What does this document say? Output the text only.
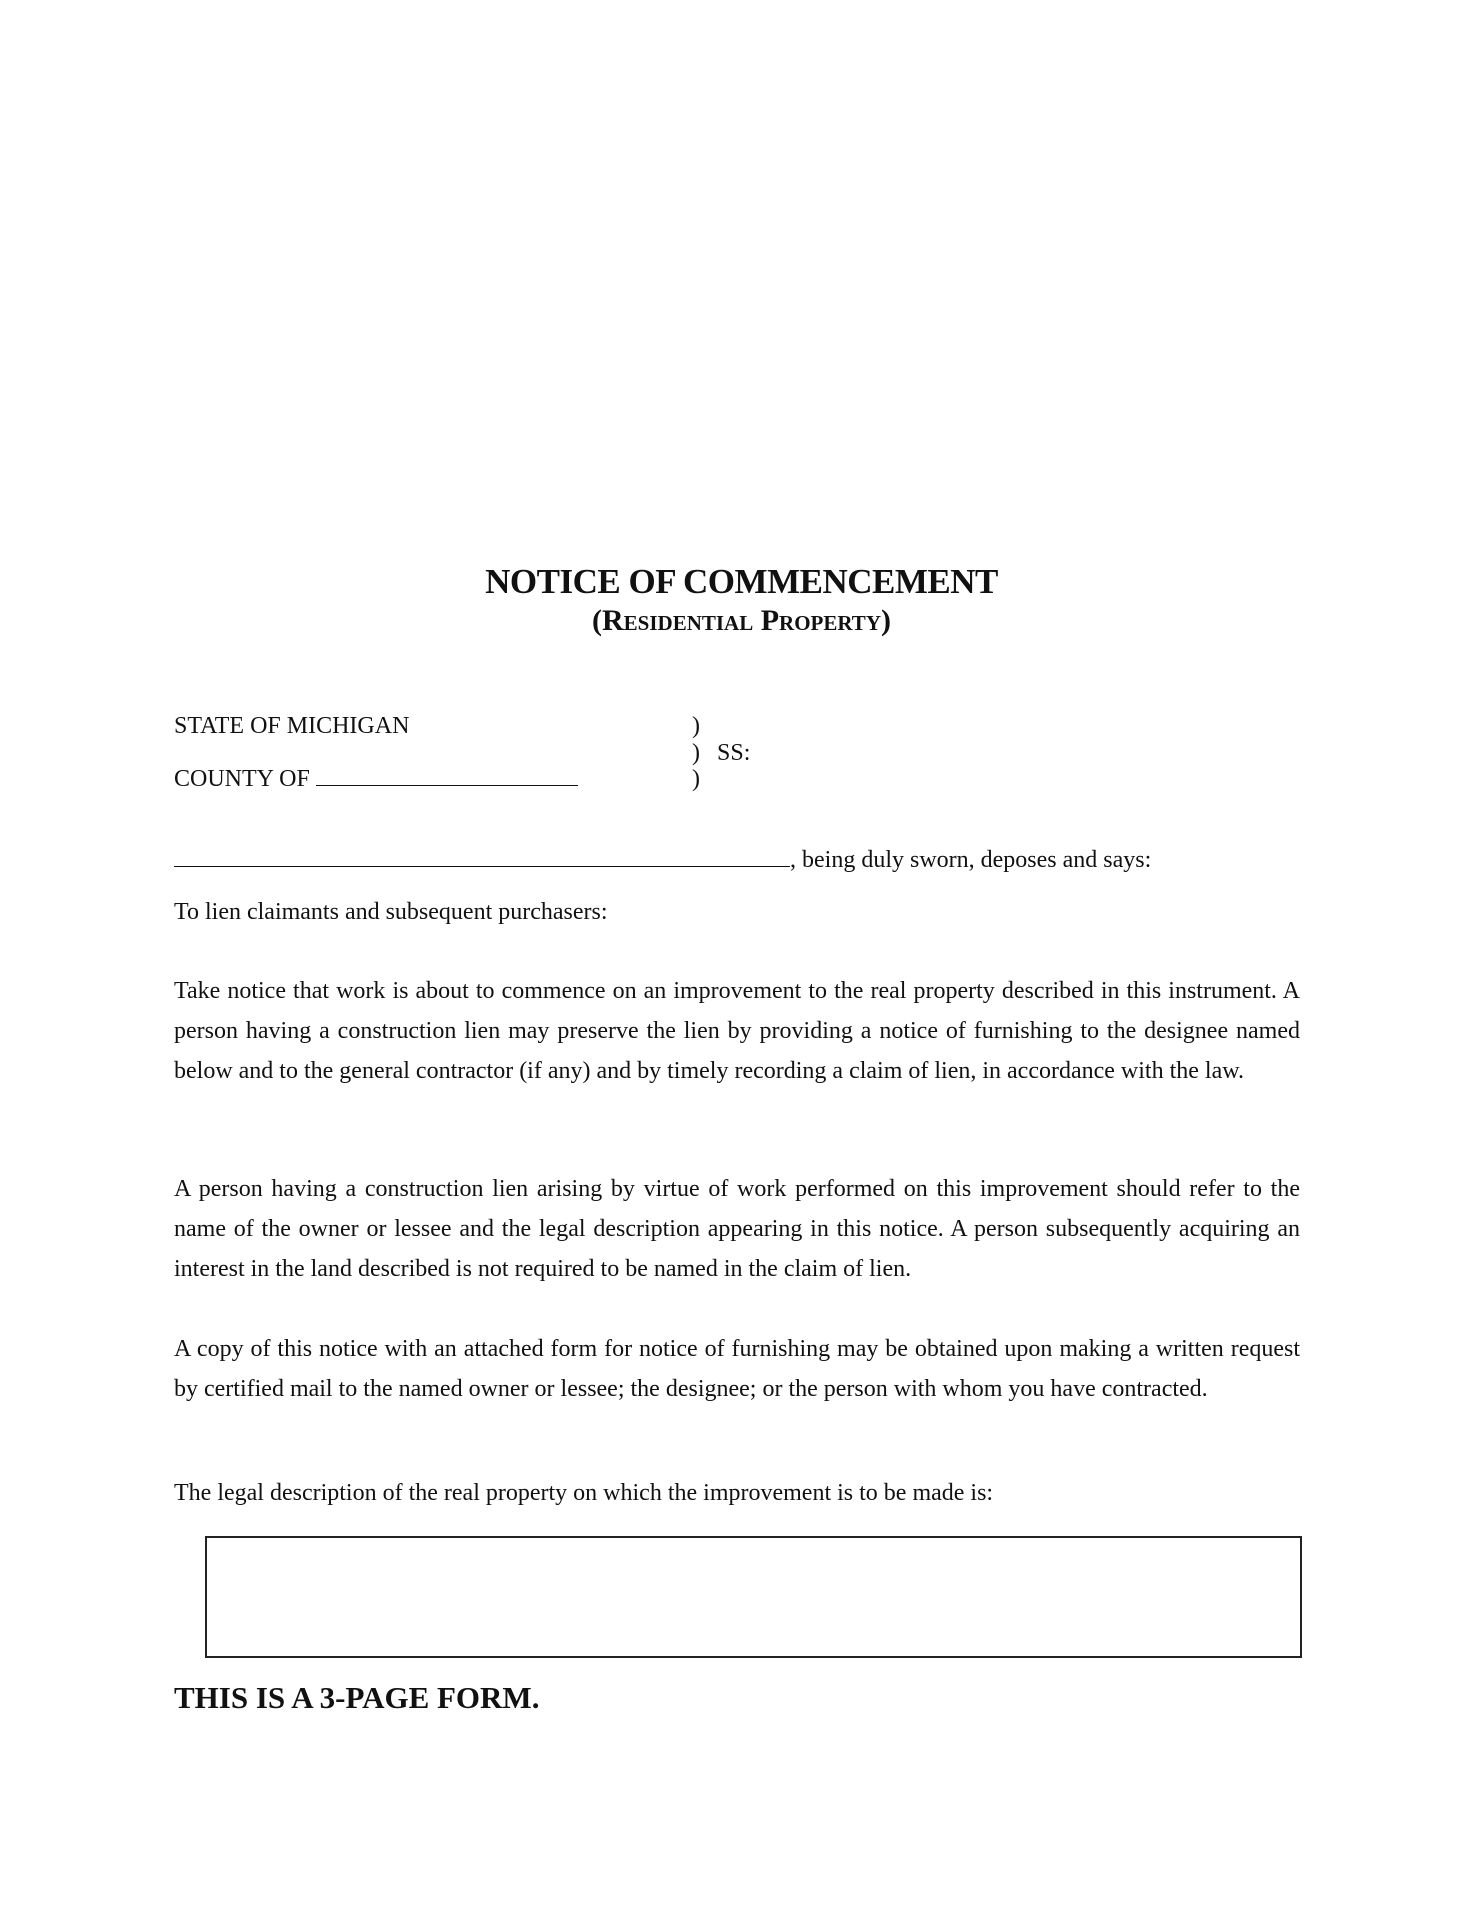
NOTICE OF COMMENCEMENT
(Residential Property)
STATE OF MICHIGAN
COUNTY OF
)
)
)
SS:
, being duly sworn, deposes and says:
To lien claimants and subsequent purchasers:
Take notice that work is about to commence on an improvement to the real property described in this instrument. A person having a construction lien may preserve the lien by providing a notice of furnishing to the designee named below and to the general contractor (if any) and by timely recording a claim of lien, in accordance with the law.
A person having a construction lien arising by virtue of work performed on this improvement should refer to the name of the owner or lessee and the legal description appearing in this notice. A person subsequently acquiring an interest in the land described is not required to be named in the claim of lien.
A copy of this notice with an attached form for notice of furnishing may be obtained upon making a written request by certified mail to the named owner or lessee; the designee; or the person with whom you have contracted.
The legal description of the real property on which the improvement is to be made is:
THIS IS A 3-PAGE FORM.
